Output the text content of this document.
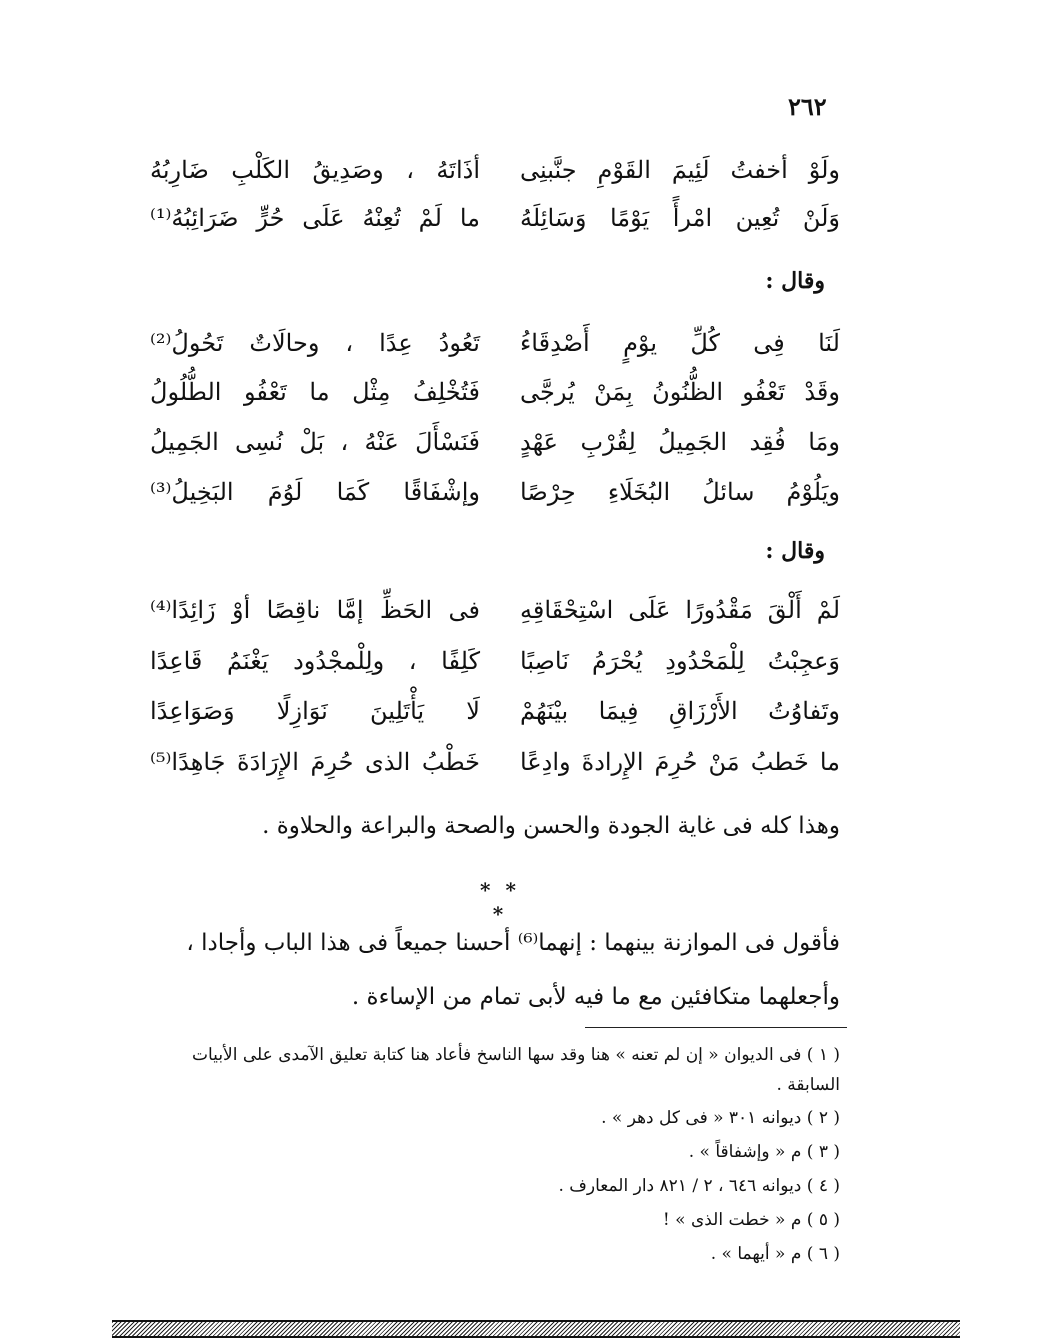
٢٦٢
ولَوْ أخفتُ لَئِيمَ القَوْمِ جنَّبنِى
أذَاتَهُ ، وصَدِيقُ الكَلْبِ ضَارِبُهُ
وَلَنْ تُعِين امْرأً يَوْمًا وَسَائِلَهُ
ما لَمْ تُعِنْهُ عَلَى حُرٍّ ضَرَائِبُهُ⁽¹⁾
وقال :
لَنَا فِى كُلِّ يوْمٍ أَصْدِقَاءُ
تَعُودُ عِدًا ، وحالَاتٌ تَحُولُ⁽²⁾
وقَدْ تَعْفُو الظُّنُونُ بِمَنْ يُرجَّى
فَتُخْلِفُ مِثْل ما تَعْفُو الطُّلُولُ
ومَا فُقِد الجَمِيلُ لِقُرْبِ عَهْدٍ
فَنَسْأَلَ عَنْهُ ، بَلْ نُسِى الجَمِيلُ
ويَلُوْمُ سائلُ البُخَلَاءِ حِرْصًا
وإشْفَاقًا كَمَا لَوُمَ البَخِيلُ⁽³⁾
وقال :
لَمْ أَلْقَ مَقْدُورًا عَلَى اسْتِحْقَاقِهِ
فى الحَظِّ إمَّا ناقِصًا أوْ زَائِدًا⁽⁴⁾
وَعجِبْتُ لِلْمَحْدُودِ يُحْرَمُ نَاصِبًا
كَلِفًا ، ولِلْمجْدُود يَغْنَمُ قَاعِدًا
وتَفاوُتُ الأَرْزَاقِ فِيمَا بيْنَهُمْ
لَا يَأْتَلِينَ نَوَازِلًا وَصَوَاعِدًا
ما خَطبُ مَنْ حُرِمَ الإِرادةَ وادِعًا
خَطْبُ الذى حُرِمَ الإِرَادَةَ جَاهِدًا⁽⁵⁾
وهذا كله فى غاية الجودة والحسن والصحة والبراعة والحلاوة .
* * *
فأقول فى الموازنة بينهما : إنهما⁽⁶⁾ أحسنا جميعاً فى هذا الباب وأجادا ، وأجعلهما متكافئين مع ما فيه لأبى تمام من الإساءة .
( ١ ) فى الديوان « إن لم تعنه » هنا وقد سها الناسخ فأعاد هنا كتابة تعليق الآمدى على الأبيات السابقة .
( ٢ ) ديوانه ٣٠١ « فى كل دهر » .
( ٣ ) م « وإشفاقاً » .
( ٤ ) ديوانه ٦٤٦ ، ٢ / ٨٢١ دار المعارف .
( ٥ ) م « خطت الذى » !
( ٦ ) م « أيهما » .
